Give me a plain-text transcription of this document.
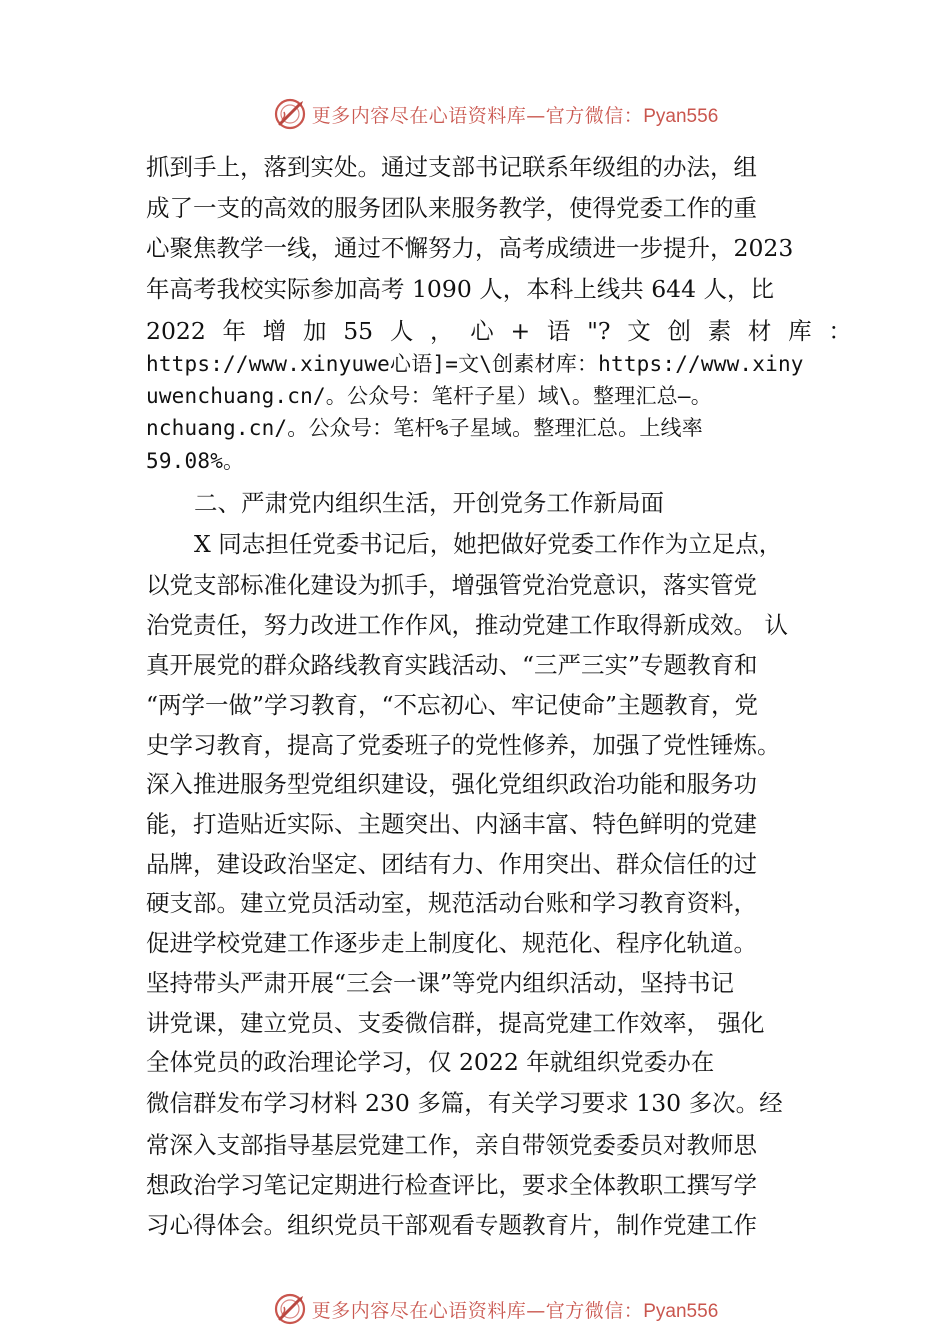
更多内容尽在心语资料库—官方微信：Pyan556
抓到手上，落到实处。通过支部书记联系年级组的办法，组
成了一支的高效的服务团队来服务教学，使得党委工作的重
心聚焦教学一线，通过不懈努力，高考成绩进一步提升，2023
年高考我校实际参加高考 1090 人，本科上线共 644 人，比
2022 年 增 加 55 人 ， 心 + 语 "? 文 创 素 材 库 ：
https://www.xinyuwe心语]=文\创素材库：https://www.xiny
uwenchuang.cn/。公众号：笔杆子星）域\。整理汇总—。
nchuang.cn/。公众号：笔杆%子星域。整理汇总。上线率
59.08%。
二、严肃党内组织生活，开创党务工作新局面
X 同志担任党委书记后，她把做好党委工作作为立足点，
以党支部标准化建设为抓手，增强管党治党意识，落实管党
治党责任，努力改进工作作风，推动党建工作取得新成效。 认
真开展党的群众路线教育实践活动、“三严三实”专题教育和
“两学一做”学习教育，“不忘初心、牢记使命”主题教育，党
史学习教育，提高了党委班子的党性修养，加强了党性锤炼。
深入推进服务型党组织建设，强化党组织政治功能和服务功
能，打造贴近实际、主题突出、内涵丰富、特色鲜明的党建
品牌，建设政治坚定、团结有力、作用突出、群众信任的过
硬支部。建立党员活动室，规范活动台账和学习教育资料，
促进学校党建工作逐步走上制度化、规范化、程序化轨道。
坚持带头严肃开展“三会一课”等党内组织活动，坚持书记
讲党课，建立党员、支委微信群，提高党建工作效率， 强化
全体党员的政治理论学习，仅 2022 年就组织党委办在
微信群发布学习材料 230 多篇，有关学习要求 130 多次。经
常深入支部指导基层党建工作，亲自带领党委委员对教师思
想政治学习笔记定期进行检查评比，要求全体教职工撰写学
习心得体会。组织党员干部观看专题教育片，制作党建工作
更多内容尽在心语资料库—官方微信：Pyan556
